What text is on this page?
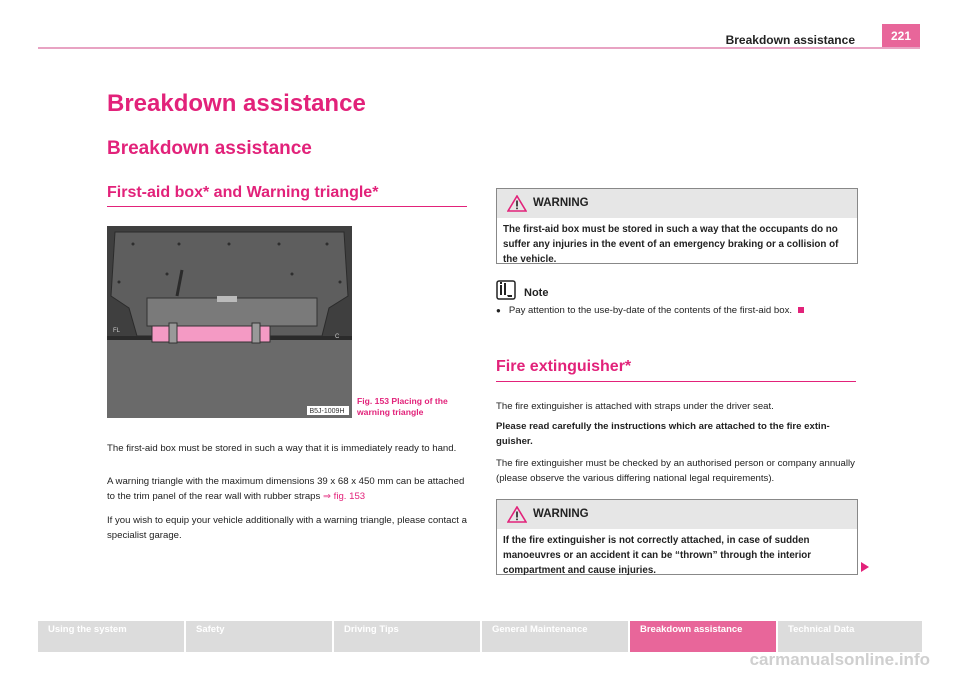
Breakdown assistance	221
Breakdown assistance
Breakdown assistance
First-aid box* and Warning triangle*
FL
C
B5J-1009H
Fig. 153 Placing of the
warning triangle
The first-aid box must be stored in such a way that it is immediately ready to hand.
A warning triangle with the maximum dimensions 39 x 68 x 450 mm can be attached to the trim panel of the rear wall with rubber straps ⇒ fig. 153
If you wish to equip your vehicle additionally with a warning triangle, please contact a specialist garage.
WARNING
The first-aid box must be stored in such a way that the occupants do no suffer any injuries in the event of an emergency braking or a collision of the vehicle.
Note
● Pay attention to the use-by-date of the contents of the first-aid box.
Fire extinguisher*
The fire extinguisher is attached with straps under the driver seat.
Please read carefully the instructions which are attached to the fire extin-guisher.
The fire extinguisher must be checked by an authorised person or company annually (please observe the various differing national legal requirements).
WARNING
If the fire extinguisher is not correctly attached, in case of sudden manoeuvres or an accident it can be “thrown” through the interior compartment and cause injuries.
Using the system	Safety	Driving Tips	General Maintenance	Breakdown assistance	Technical Data
carmanualsonline.info
